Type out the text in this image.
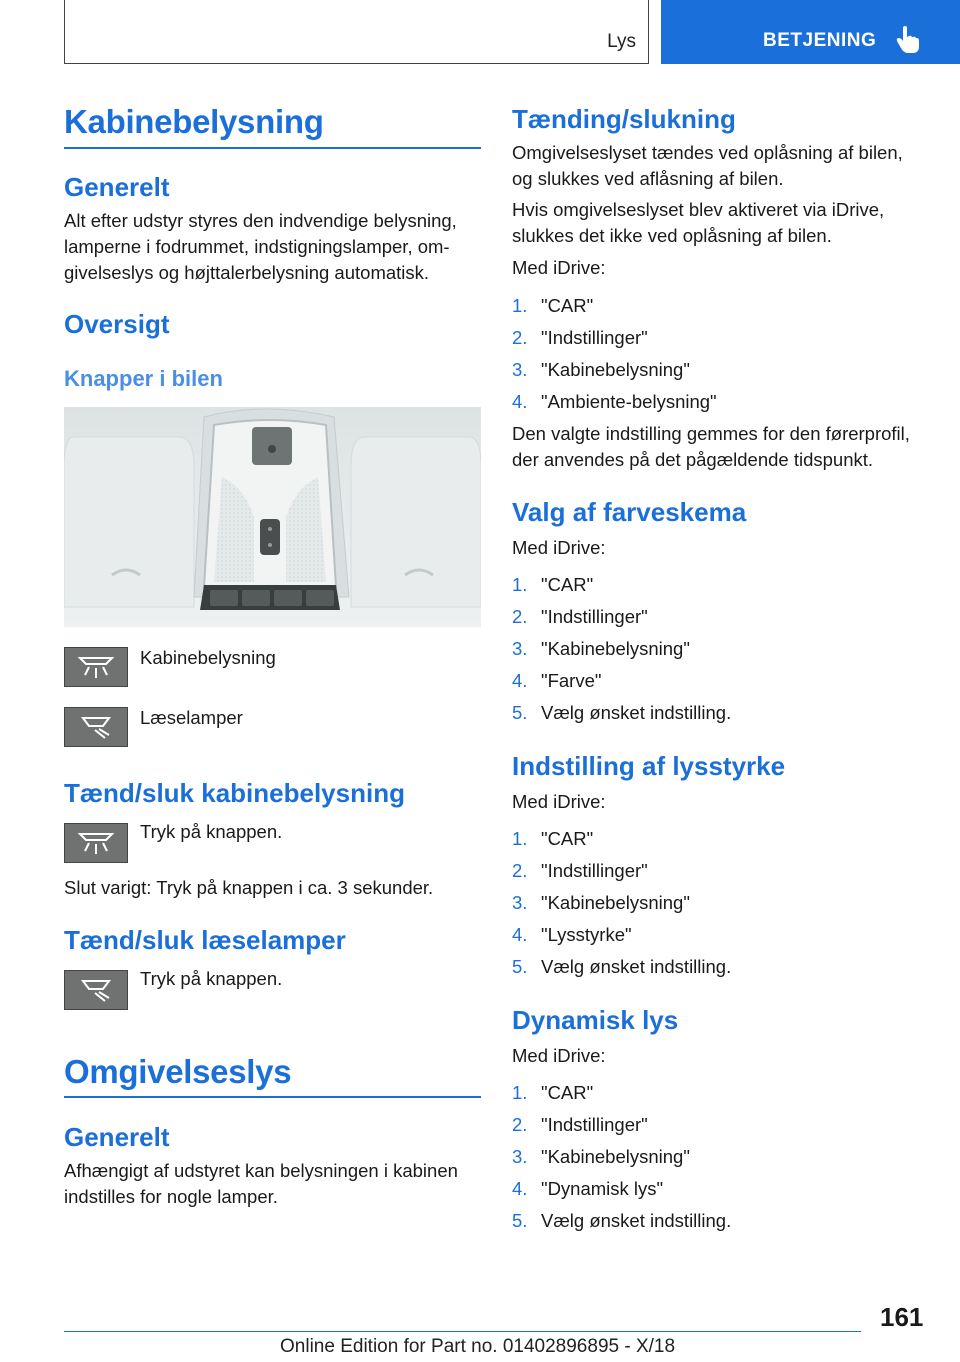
Lys	BETJENING
Kabinebelysning
Generelt
Alt efter udstyr styres den indvendige belysning,
lamperne i fodrummet, indstigningslamper, om‐
givelseslys og højttalerbelysning automatisk.
Oversigt
Knapper i bilen
Kabinebelysning
Læselamper
Tænd/sluk kabinebelysning
Tryk på knappen.
Slut varigt: Tryk på knappen i ca. 3 sekunder.
Tænd/sluk læselamper
Tryk på knappen.
Omgivelseslys
Generelt
Afhængigt af udstyret kan belysningen i kabinen
indstilles for nogle lamper.
Tænding/slukning
Omgivelseslyset tændes ved oplåsning af bilen,
og slukkes ved aflåsning af bilen.
Hvis omgivelseslyset blev aktiveret via iDrive,
slukkes det ikke ved oplåsning af bilen.
Med iDrive:
1. "CAR"
2. "Indstillinger"
3. "Kabinebelysning"
4. "Ambiente-belysning"
Den valgte indstilling gemmes for den førerprofil,
der anvendes på det pågældende tidspunkt.
Valg af farveskema
Med iDrive:
1. "CAR"
2. "Indstillinger"
3. "Kabinebelysning"
4. "Farve"
5. Vælg ønsket indstilling.
Indstilling af lysstyrke
Med iDrive:
1. "CAR"
2. "Indstillinger"
3. "Kabinebelysning"
4. "Lysstyrke"
5. Vælg ønsket indstilling.
Dynamisk lys
Med iDrive:
1. "CAR"
2. "Indstillinger"
3. "Kabinebelysning"
4. "Dynamisk lys"
5. Vælg ønsket indstilling.
161
Online Edition for Part no. 01402896895 - X/18
